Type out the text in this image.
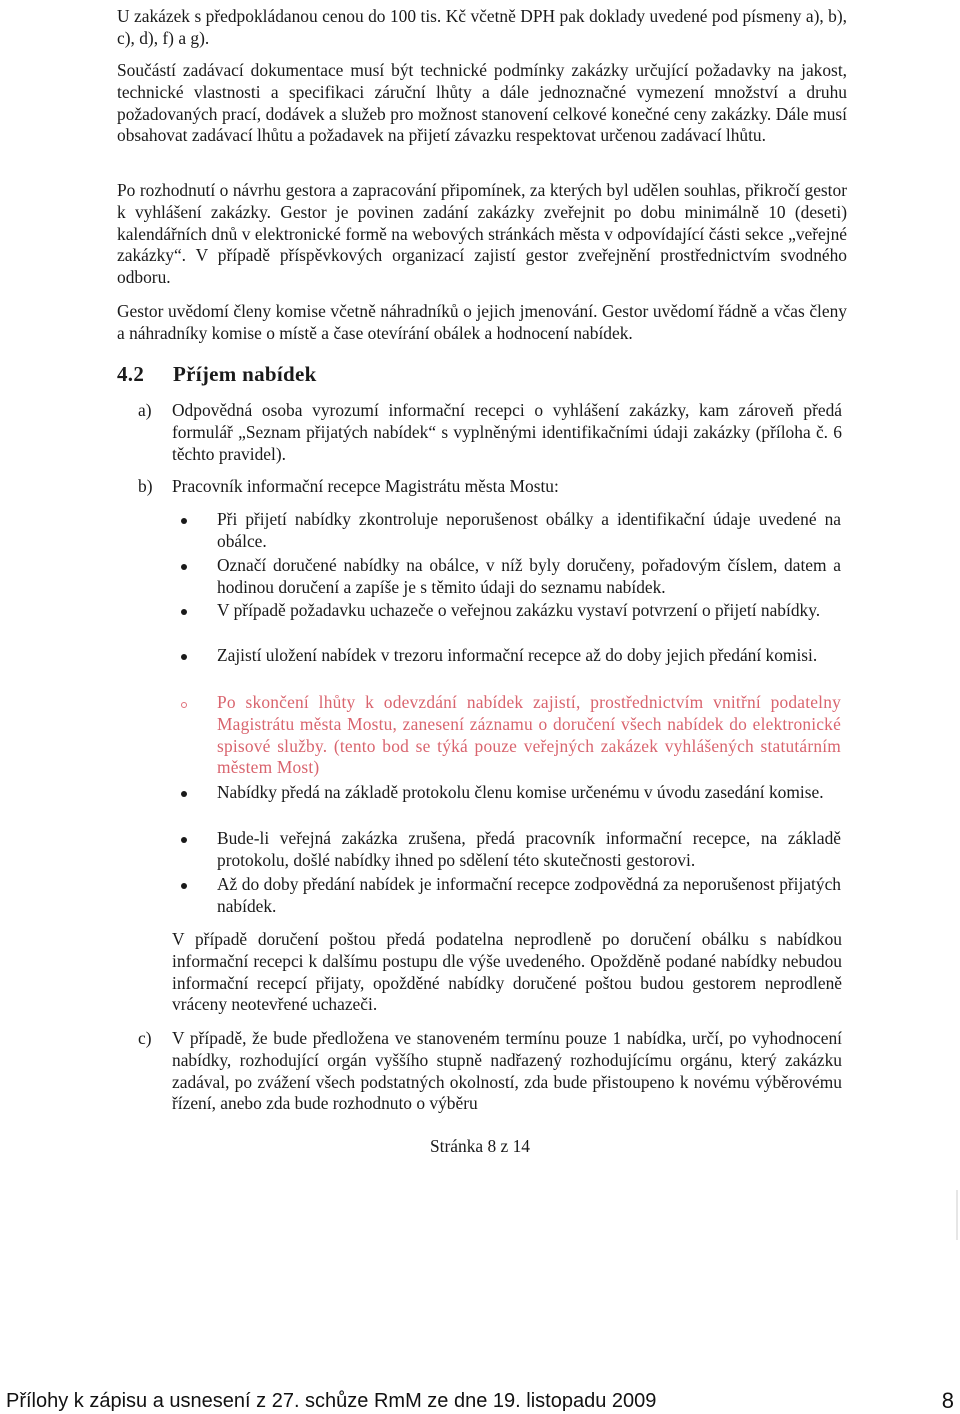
U zakázek s předpokládanou cenou do 100 tis. Kč včetně DPH pak doklady uvedené pod písmeny a), b), c), d), f) a g).
Součástí zadávací dokumentace musí být technické podmínky zakázky určující požadavky na jakost, technické vlastnosti a specifikaci záruční lhůty a dále jednoznačné vymezení množství a druhu požadovaných prací, dodávek a služeb pro možnost stanovení celkové konečné ceny zakázky. Dále musí obsahovat zadávací lhůtu a požadavek na přijetí závazku respektovat určenou zadávací lhůtu.
Po rozhodnutí o návrhu gestora a zapracování připomínek, za kterých byl udělen souhlas, přikročí gestor k vyhlášení zakázky. Gestor je povinen zadání zakázky zveřejnit po dobu minimálně 10 (deseti) kalendářních dnů v elektronické formě na webových stránkách města v odpovídající části sekce „veřejné zakázky“. V případě příspěvkových organizací zajistí gestor zveřejnění prostřednictvím svodného odboru.
Gestor uvědomí členy komise včetně náhradníků o jejich jmenování. Gestor uvědomí řádně a včas členy a náhradníky komise o místě a čase otevírání obálek a hodnocení nabídek.
4.2 Příjem nabídek
a) Odpovědná osoba vyrozumí informační recepci o vyhlášení zakázky, kam zároveň předá formulář „Seznam přijatých nabídek“ s vyplněnými identifikačními údaji zakázky (příloha č. 6 těchto pravidel).
b) Pracovník informační recepce Magistrátu města Mostu:
Při přijetí nabídky zkontroluje neporušenost obálky a identifikační údaje uvedené na obálce.
Označí doručené nabídky na obálce, v níž byly doručeny, pořadovým číslem, datem a hodinou doručení a zapíše je s těmito údaji do seznamu nabídek.
V případě požadavku uchazeče o veřejnou zakázku vystaví potvrzení o přijetí nabídky.
Zajistí uložení nabídek v trezoru informační recepce až do doby jejich předání komisi.
Po skončení lhůty k odevzdání nabídek zajistí, prostřednictvím vnitřní podatelny Magistrátu města Mostu, zanesení záznamu o doručení všech nabídek do elektronické spisové služby. (tento bod se týká pouze veřejných zakázek vyhlášených statutárním městem Most)
Nabídky předá na základě protokolu členu komise určenému v úvodu zasedání komise.
Bude-li veřejná zakázka zrušena, předá pracovník informační recepce, na základě protokolu, došlé nabídky ihned po sdělení této skutečnosti gestorovi.
Až do doby předání nabídek je informační recepce zodpovědná za neporušenost přijatých nabídek.
V případě doručení poštou předá podatelna neprodleně po doručení obálku s nabídkou informační recepci k dalšímu postupu dle výše uvedeného. Opožděně podané nabídky nebudou informační recepcí přijaty, opožděné nabídky doručené poštou budou gestorem neprodleně vráceny neotevřené uchazeči.
c) V případě, že bude předložena ve stanoveném termínu pouze 1 nabídka, určí, po vyhodnocení nabídky, rozhodující orgán vyššího stupně nadřazený rozhodujícímu orgánu, který zakázku zadával, po zvážení všech podstatných okolností, zda bude přistoupeno k novému výběrovému řízení, anebo zda bude rozhodnuto o výběru
Stránka 8 z 14
Přílohy k zápisu a usnesení z 27. schůze RmM ze dne 19. listopadu 2009	8
